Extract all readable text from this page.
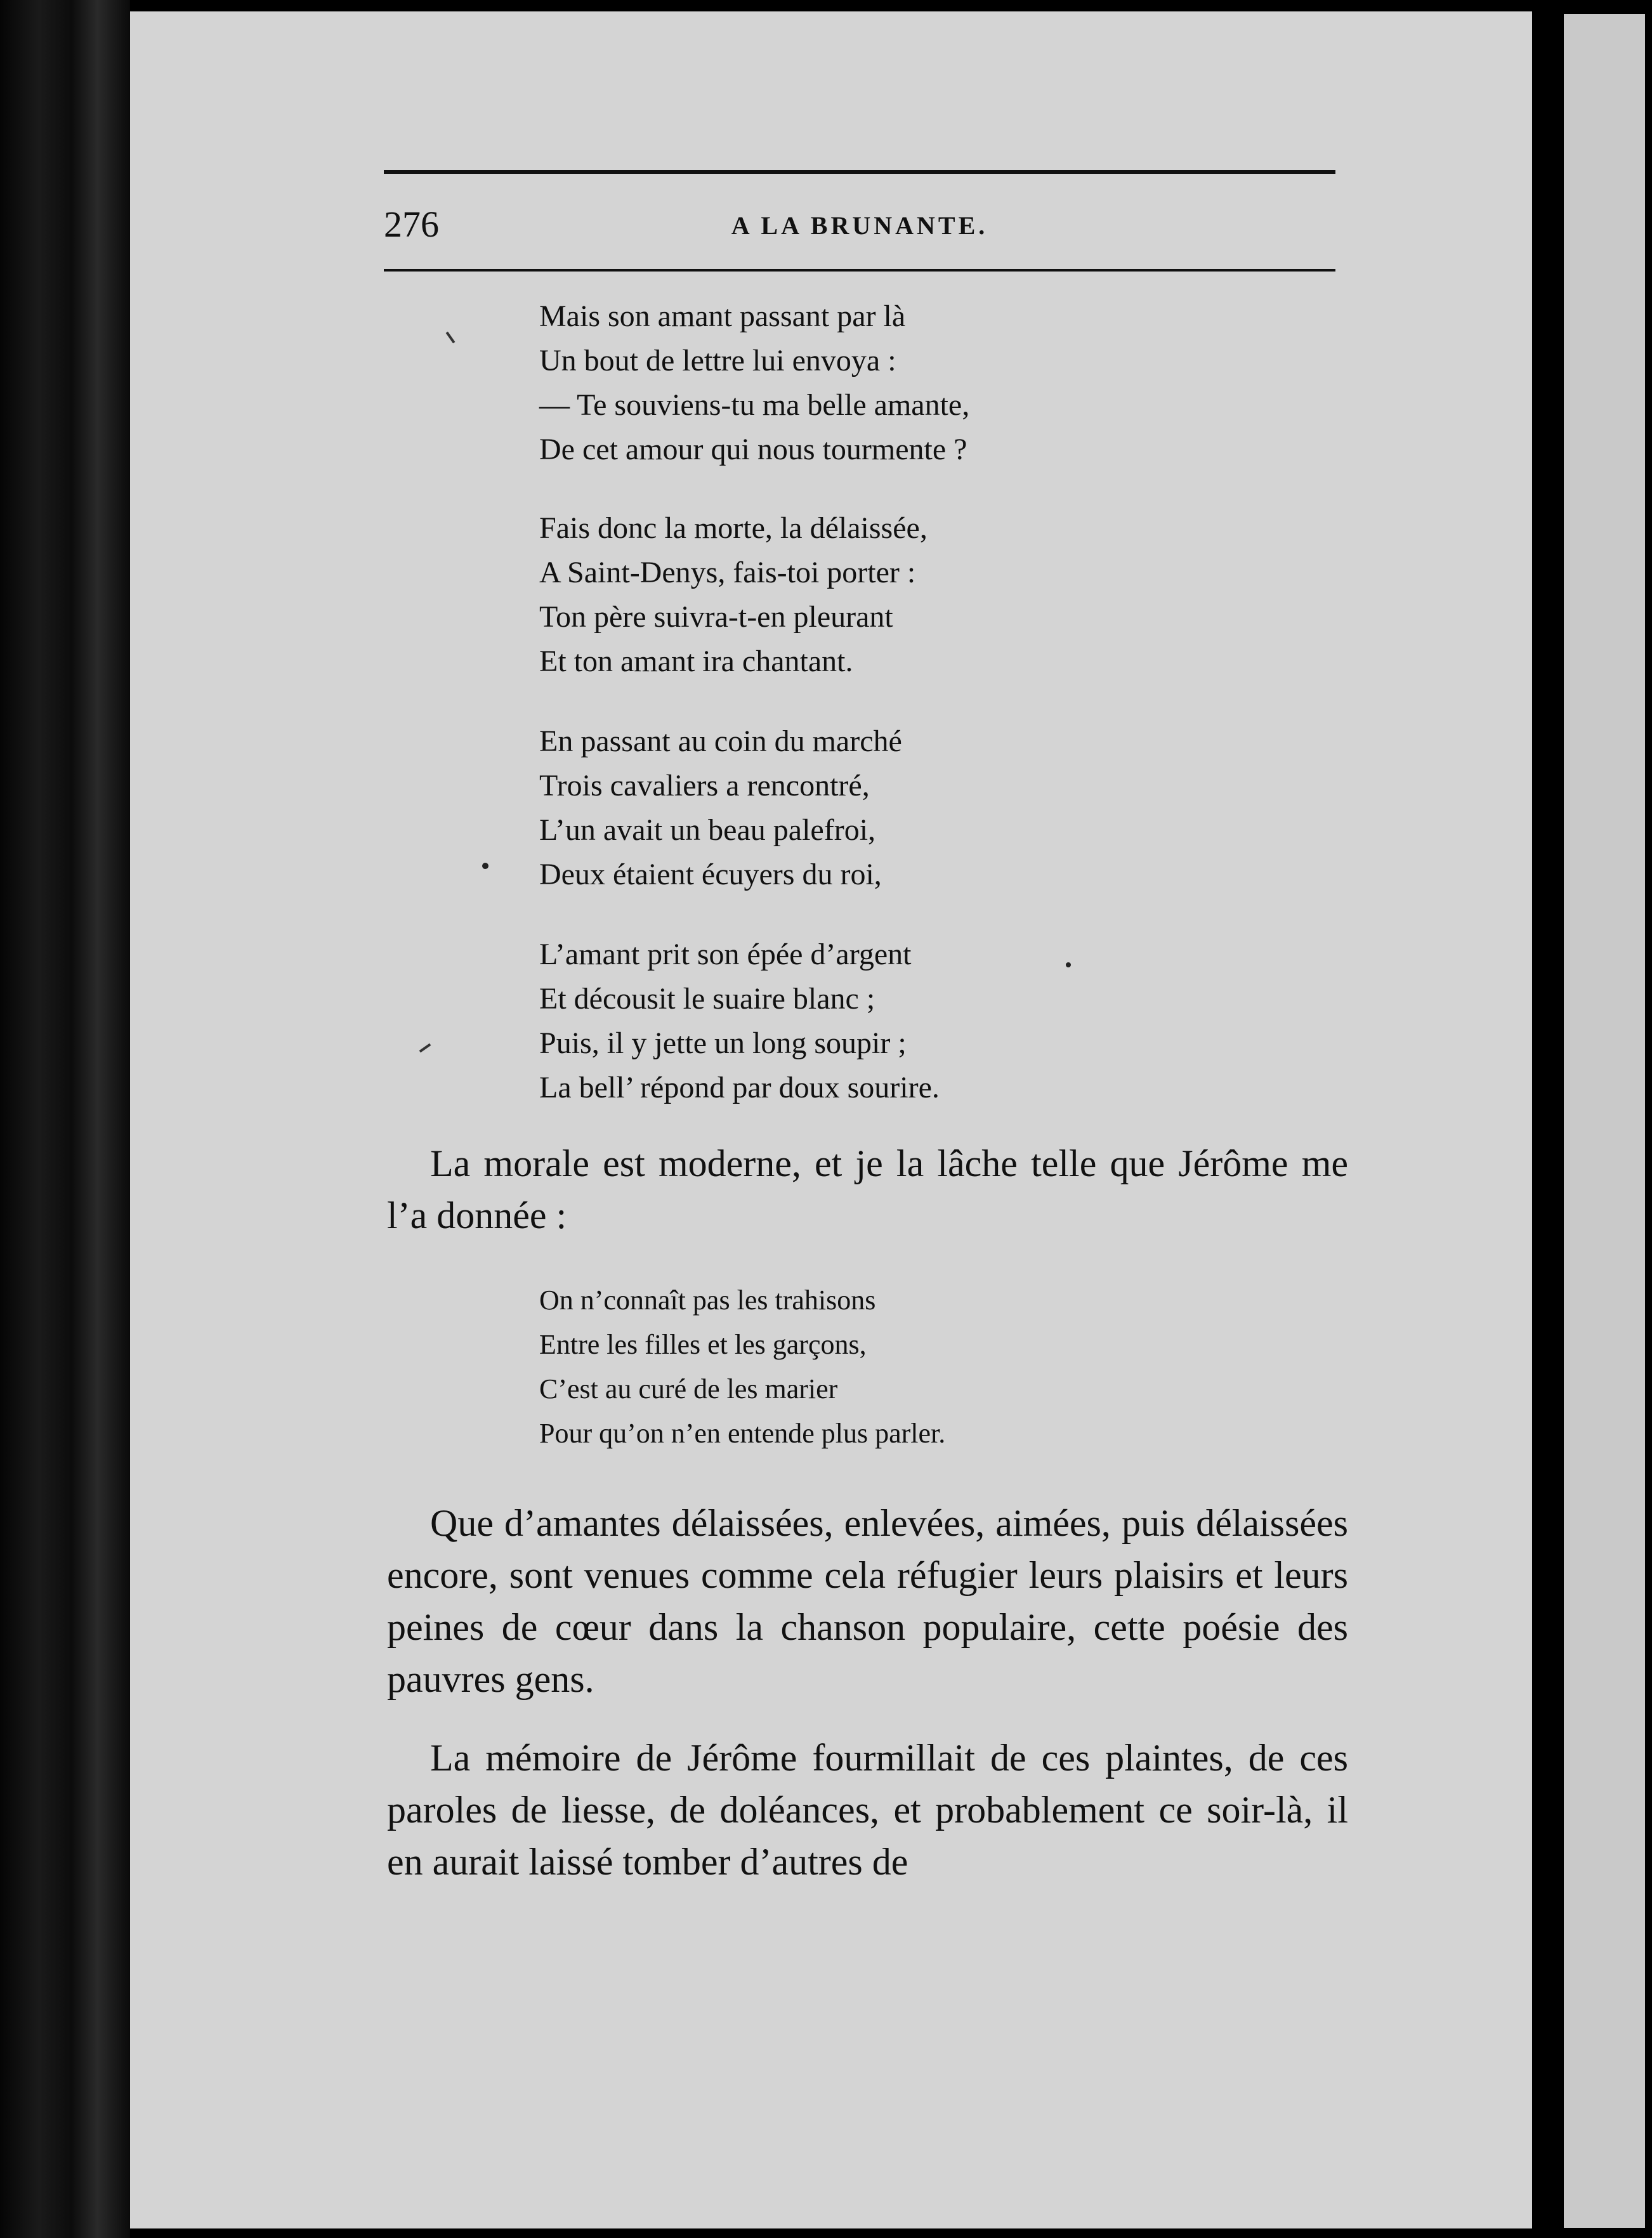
276	A LA BRUNANTE.
Mais son amant passant par là
Un bout de lettre lui envoya :
— Te souviens-tu ma belle amante,
De cet amour qui nous tourmente ?
Fais donc la morte, la délaissée,
A Saint-Denys, fais-toi porter :
Ton père suivra-t-en pleurant
Et ton amant ira chantant.
En passant au coin du marché
Trois cavaliers a rencontré,
L’un avait un beau palefroi,
Deux étaient écuyers du roi,
L’amant prit son épée d’argent
Et décousit le suaire blanc ;
Puis, il y jette un long soupir ;
La bell’ répond par doux sourire.
La morale est moderne, et je la lâche telle que Jérôme me l’a donnée :
On n’connaît pas les trahisons
Entre les filles et les garçons,
C’est au curé de les marier
Pour qu’on n’en entende plus parler.
Que d’amantes délaissées, enlevées, aimées, puis délaissées encore, sont venues comme cela réfugier leurs plaisirs et leurs peines de cœur dans la chanson populaire, cette poésie des pauvres gens.
La mémoire de Jérôme fourmillait de ces plaintes, de ces paroles de liesse, de doléances, et probablement ce soir-là, il en aurait laissé tomber d’autres de
